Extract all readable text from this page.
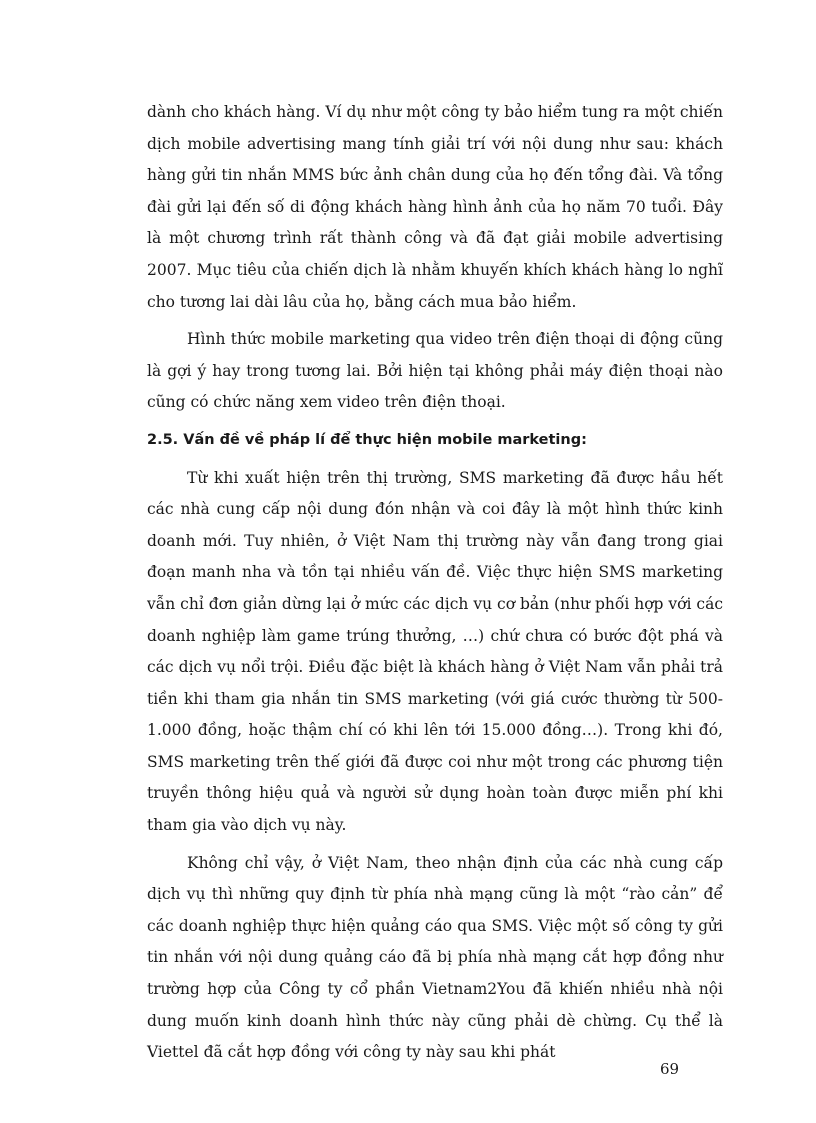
dành cho khách hàng. Ví dụ như một công ty bảo hiểm tung ra một chiến dịch mobile advertising mang tính giải trí với nội dung như sau: khách hàng gửi tin nhắn MMS bức ảnh chân dung của họ đến tổng đài. Và tổng đài gửi lại đến số di động khách hàng hình ảnh của họ năm 70 tuổi. Đây là một chương trình rất thành công và đã đạt giải mobile advertising 2007. Mục tiêu của chiến dịch là nhằm khuyến khích khách hàng lo nghĩ cho tương lai dài lâu của họ, bằng cách mua bảo hiểm.

Hình thức mobile marketing qua video trên điện thoại di động cũng là gợi ý hay trong tương lai. Bởi hiện tại không phải máy điện thoại nào cũng có chức năng xem video trên điện thoại.

2.5. Vấn đề về pháp lí để thực hiện mobile marketing:

Từ khi xuất hiện trên thị trường, SMS marketing đã được hầu hết các nhà cung cấp nội dung đón nhận và coi đây là một hình thức kinh doanh mới. Tuy nhiên, ở Việt Nam thị trường này vẫn đang trong giai đoạn manh nha và tồn tại nhiều vấn đề. Việc thực hiện SMS marketing vẫn chỉ đơn giản dừng lại ở mức các dịch vụ cơ bản (như phối hợp với các doanh nghiệp làm game trúng thưởng, …) chứ chưa có bước đột phá và các dịch vụ nổi trội. Điều đặc biệt là khách hàng ở Việt Nam vẫn phải trả tiền khi tham gia nhắn tin SMS marketing (với giá cước thường từ 500-1.000 đồng, hoặc thậm chí có khi lên tới 15.000 đồng…). Trong khi đó, SMS marketing trên thế giới đã được coi như một trong các phương tiện truyền thông hiệu quả và người sử dụng hoàn toàn được miễn phí khi tham gia vào dịch vụ này.

Không chỉ vậy, ở Việt Nam, theo nhận định của các nhà cung cấp dịch vụ thì những quy định từ phía nhà mạng cũng là một “rào cản” để các doanh nghiệp thực hiện quảng cáo qua SMS. Việc một số công ty gửi tin nhắn với nội dung quảng cáo đã bị phía nhà mạng cắt hợp đồng như trường hợp của Công ty cổ phần Vietnam2You đã khiến nhiều nhà nội dung muốn kinh doanh hình thức này cũng phải dè chừng. Cụ thể là Viettel đã cắt hợp đồng với công ty này sau khi phát

69
